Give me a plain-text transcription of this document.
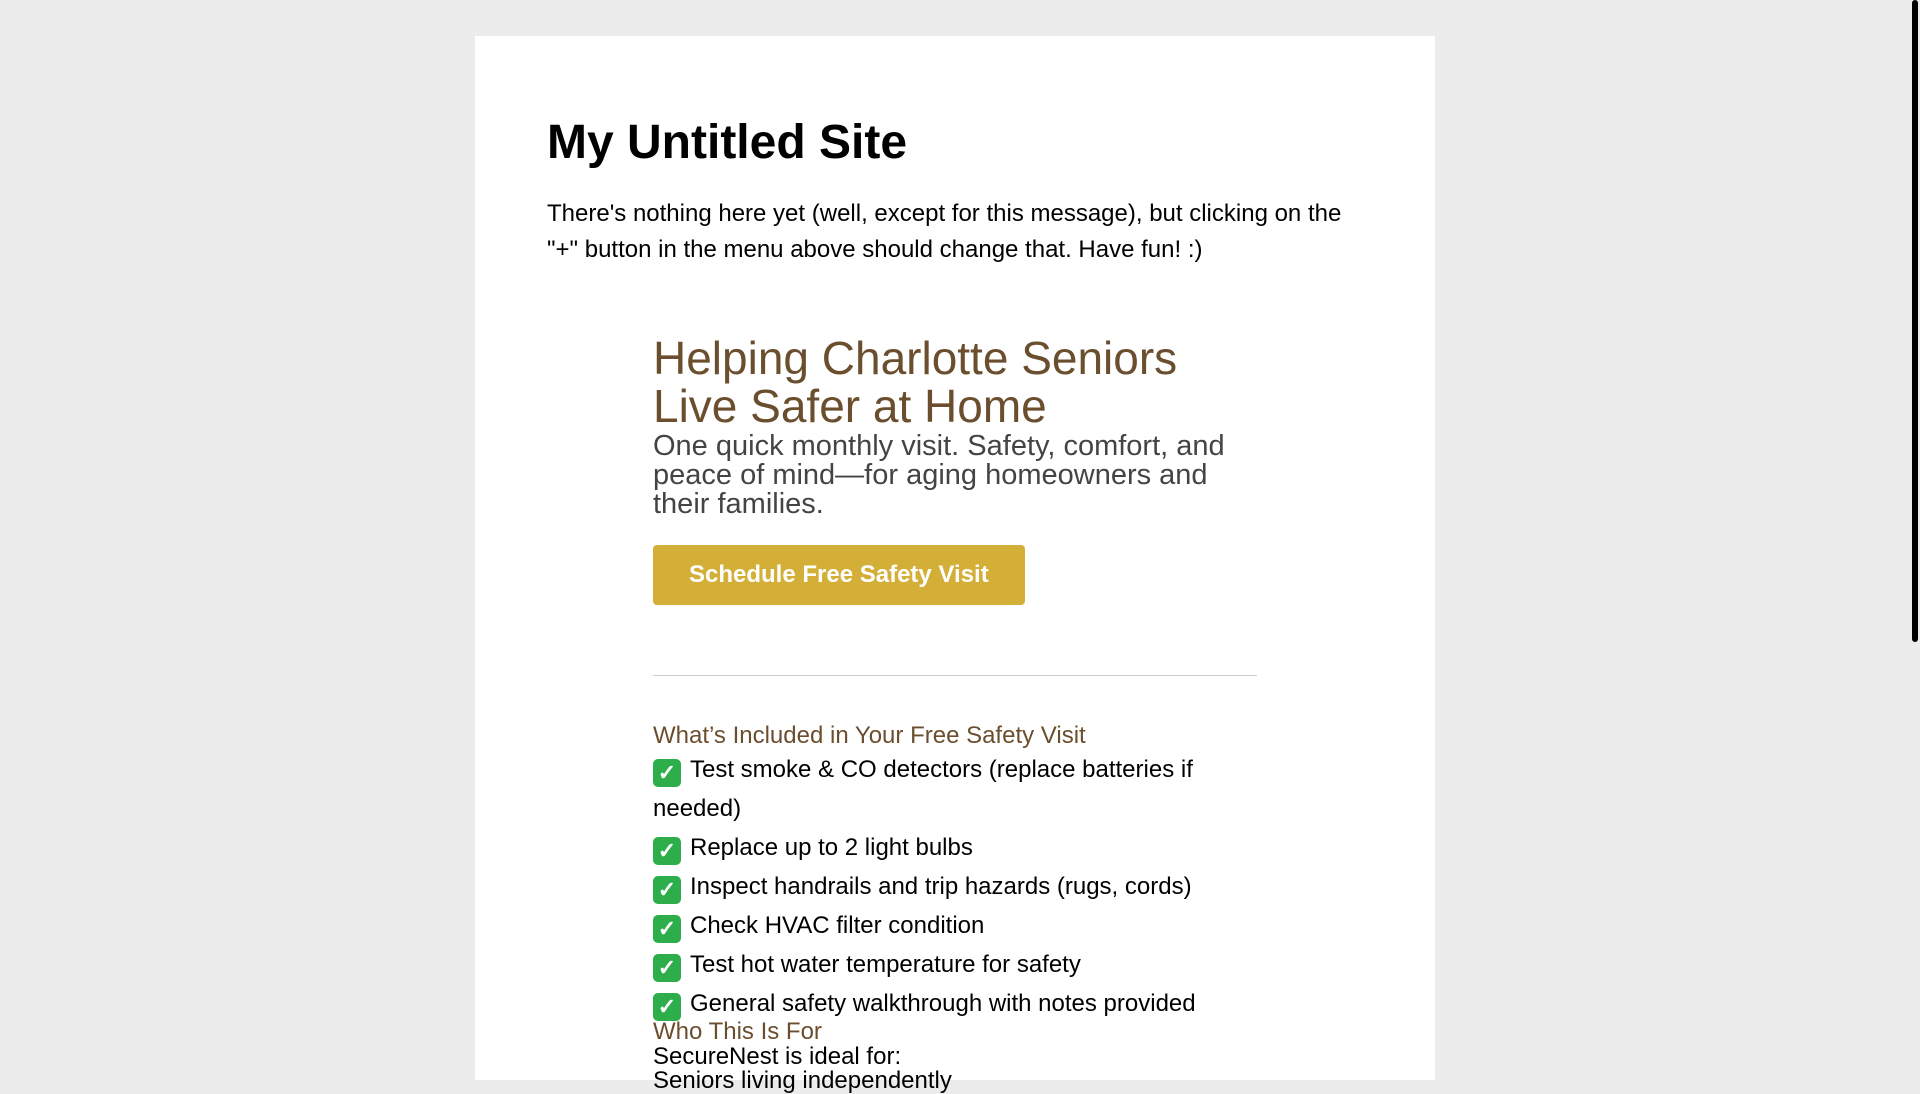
My Untitled Site

There's nothing here yet (well, except for this message), but clicking on the "+" button in the menu above should change that. Have fun! :)

Helping Charlotte Seniors
Live Safer at Home

One quick monthly visit. Safety, comfort, and peace of mind—for aging homeowners and their families.

Schedule Free Safety Visit
What’s Included in Your Free Safety Visit
✓ Test smoke & CO detectors (replace batteries if needed)
✓ Replace up to 2 light bulbs
✓ Inspect handrails and trip hazards (rugs, cords)
✓ Check HVAC filter condition
✓ Test hot water temperature for safety
✓ General safety walkthrough with notes provided
Who This Is For

SecureNest is ideal for:

Seniors living independently
